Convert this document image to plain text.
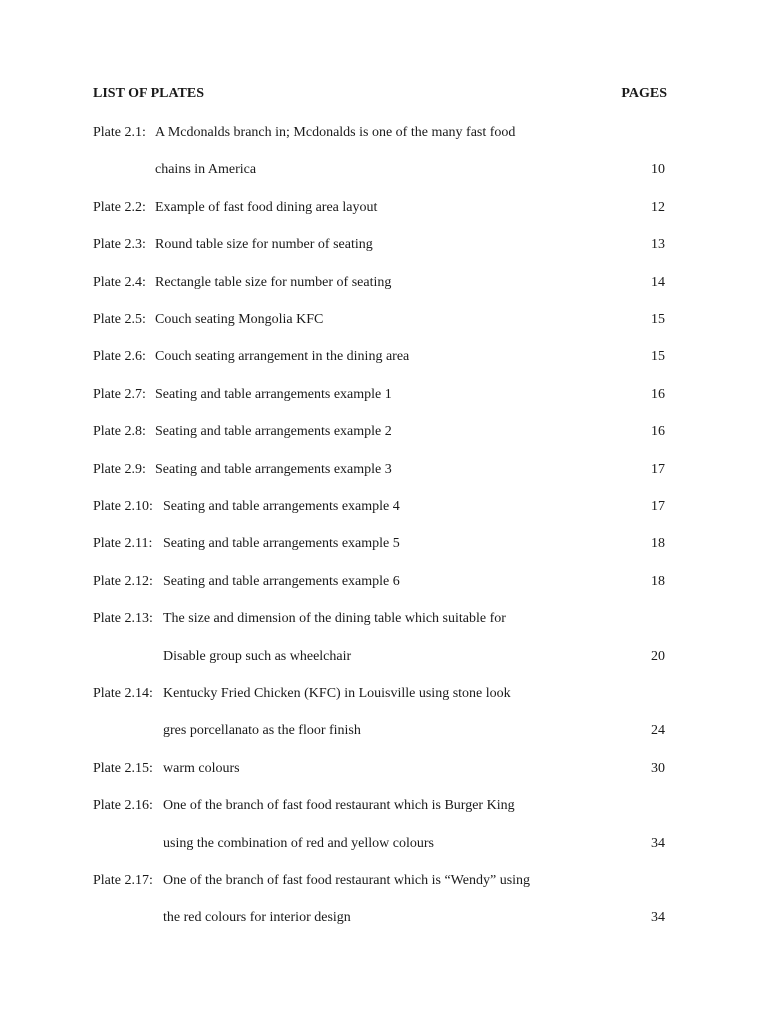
LIST OF PLATES	PAGES
Plate 2.1: A Mcdonalds branch in; Mcdonalds is one of the many fast food
chains in America	10
Plate 2.2: Example of fast food dining area layout	12
Plate 2.3: Round table size for number of seating	13
Plate 2.4: Rectangle table size for number of seating	14
Plate 2.5: Couch seating Mongolia KFC	15
Plate 2.6: Couch seating arrangement in the dining area	15
Plate 2.7: Seating and table arrangements example 1	16
Plate 2.8: Seating and table arrangements example 2	16
Plate 2.9: Seating and table arrangements example 3	17
Plate 2.10: Seating and table arrangements example 4	17
Plate 2.11: Seating and table arrangements example 5	18
Plate 2.12: Seating and table arrangements example 6	18
Plate 2.13: The size and dimension of the dining table which suitable for
Disable group such as wheelchair	20
Plate 2.14: Kentucky Fried Chicken (KFC) in Louisville using stone look
gres porcellanato as the floor finish	24
Plate 2.15: warm colours	30
Plate 2.16: One of the branch of fast food restaurant which is Burger King
using the combination of red and yellow colours	34
Plate 2.17: One of the branch of fast food restaurant which is “Wendy” using
the red colours for interior design	34
